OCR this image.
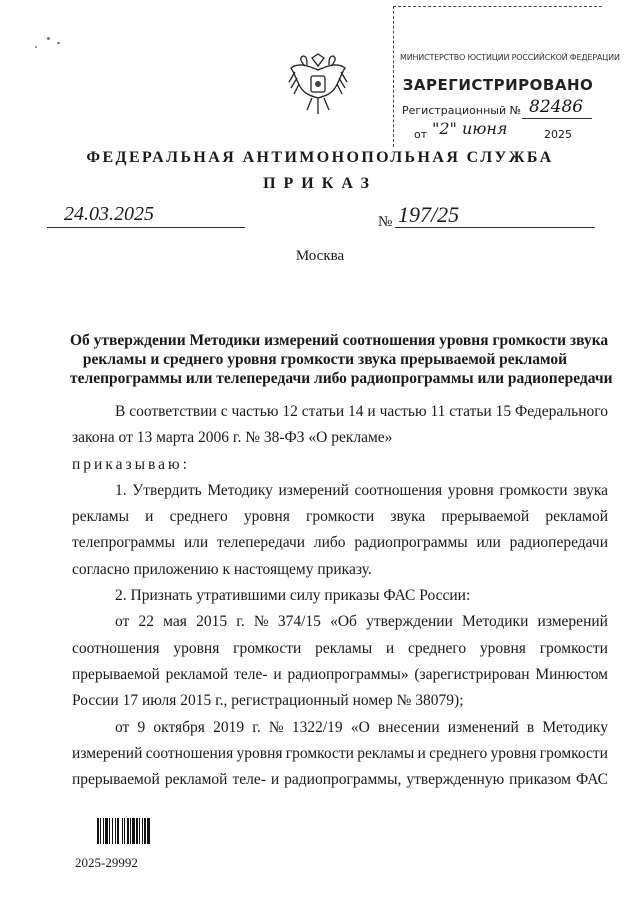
МИНИСТЕРСТВО ЮСТИЦИИ РОССИЙСКОЙ ФЕДЕРАЦИИ
ЗАРЕГИСТРИРОВАНО
Регистрационный № 82486
от "2" июня	2025
ФЕДЕРАЛЬНАЯ АНТИМОНОПОЛЬНАЯ СЛУЖБА
ПРИКАЗ
24.03.2025	№ 197/25
Москва
Об утверждении Методики измерений соотношения уровня громкости звука
рекламы и среднего уровня громкости звука прерываемой рекламой
телепрограммы или телепередачи либо радиопрограммы или радиопередачи
В соответствии с частью 12 статьи 14 и частью 11 статьи 15 Федерального
закона от 13 марта 2006 г. № 38-ФЗ «О рекламе»
приказываю:
1. Утвердить Методику измерений соотношения уровня громкости звука
рекламы и среднего уровня громкости звука прерываемой рекламой
телепрограммы или телепередачи либо радиопрограммы или радиопередачи
согласно приложению к настоящему приказу.
2. Признать утратившими силу приказы ФАС России:
от 22 мая 2015 г. № 374/15 «Об утверждении Методики измерений
соотношения уровня громкости рекламы и среднего уровня громкости
прерываемой рекламой теле- и радиопрограммы» (зарегистрирован Минюстом
России 17 июля 2015 г., регистрационный номер № 38079);
от 9 октября 2019 г. № 1322/19 «О внесении изменений в Методику
измерений соотношения уровня громкости рекламы и среднего уровня громкости
прерываемой рекламой теле- и радиопрограммы, утвержденную приказом ФАС
2025-29992
